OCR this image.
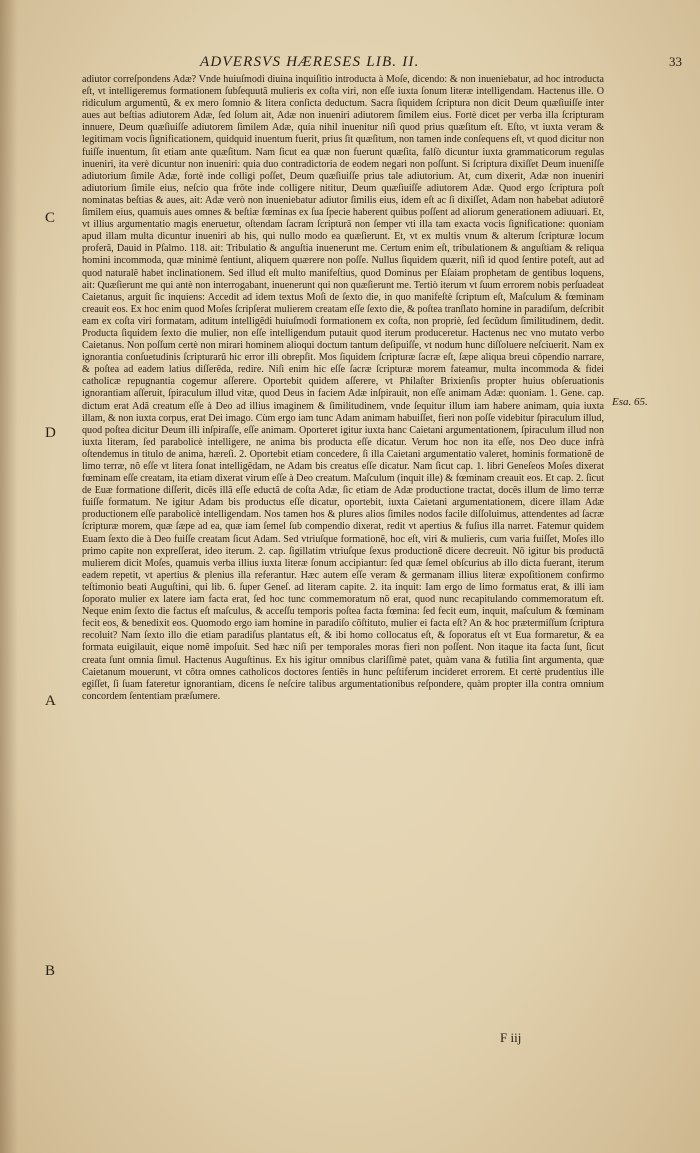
ADVERSVS HÆRESES LIB. II.	33

adiutor correſpondens Adæ? Vnde huiuſmodi diuina inquiſitio introducta à Moſe, dicendo: & non inueniebatur, ad hoc introducta eſt, vt intelligeremus formationem ſubſequutã mulieris ex coſta viri, non eſſe iuxta ſonum literæ intelligendam. Hactenus ille. O ridiculum argumentũ, & ex mero ſomnio & litera conſicta deductum. Sacra ſiquidem ſcriptura non dicit Deum quæſiuiſſe inter aues aut beſtias adiutorem Adæ, ſed ſolum ait, Adæ non inueniri adiutorem ſimilem eius. Fortè dicet per verba illa ſcripturam innuere, Deum quæſiuiſſe adiutorem ſimilem Adæ, quia nihil inuenitur niſi quod prius quæſitum eſt. Eſto, vt iuxta veram & legitimam vocis ſignificationem, quidquid inuentum fuerit, prius ſit quæſitum, non tamen inde conſequens eſt, vt quod dicitur non fuiſſe inuentum, ſit etiam ante quæſitum. Nam ſicut ea quæ non fuerunt quæſita, falſò dicuntur iuxta grammaticorum regulas inueniri, ita verè dicuntur non inueniri: quia duo contradictoria de eodem negari non poſſunt. Si ſcriptura dixiſſet Deum inueniſſe adiutorium ſimile Adæ, fortè inde colligi poſſet, Deum quæſiuiſſe prius tale adiutorium. At, cum dixerit, Adæ non inueniri adiutorium ſimile eius, neſcio qua frõte inde colligere nititur, Deum quæſiuiſſe adiutorem Adæ. Quod ergo ſcriptura poſt nominatas beſtias & aues, ait: Adæ verò non inueniebatur adiutor ſimilis eius, idem eſt ac ſi dixiſſet, Adam non habebat adiutorẽ ſimilem eius, quamuis aues omnes & beſtiæ fœminas ex ſua ſpecie haberent quibus poſſent ad aliorum generationem adiuuari. Et, vt illius argumentatio magis eneruetur, oſtendam ſacram ſcripturã non ſemper vti illa tam exacta vocis ſignificatione: quoniam apud illam multa dicuntur inueniri ab his, qui nullo modo ea quæſierunt. Et, vt ex multis vnum & alterum ſcripturæ locum proferã, Dauid in Pſalmo. 118. ait: Tribulatio & anguſtia inuenerunt me. Certum enim eſt, tribulationem & anguſtiam & reliqua homini incommoda, quæ minimè ſentiunt, aliquem quærere non poſſe. Nullus ſiquidem quærit, niſi id quod ſentire poteſt, aut ad quod naturalẽ habet inclinationem. Sed illud eſt multo manifeſtius, quod Dominus per Eſaiam prophetam de gentibus loquens, ait: Quæſierunt me qui antè non interrogabant, inuenerunt qui non quæſierunt me. Tertiò iterum vt ſuum errorem nobis perſuadeat Caietanus, arguit ſic inquiens: Accedit ad idem textus Moſi de ſexto die, in quo manifeſtè ſcriptum eſt, Maſculum & fœminam creauit eos. Ex hoc enim quod Moſes ſcripſerat mulierem creatam eſſe ſexto die, & poſtea tranſlato homine in paradiſum, deſcribit eam ex coſta viri formatam, aditum intelligẽdi huiuſmodi formationem ex coſta, non propriè, ſed ſecũdum ſimilitudinem, dedit. Producta ſiquidem ſexto die mulier, non eſſe intelligendum putauit quod iterum produceretur. Hactenus nec vno mutato verbo Caietanus. Non poſſum certè non mirari hominem alioqui doctum tantum deſipuiſſe, vt nodum hunc diſſoluere neſciuerit. Nam ex ignorantia conſuetudinis ſcripturarũ hic error illi obrepſit. Mos ſiquidem ſcripturæ ſacræ eſt, ſæpe aliqua breui cõpendio narrare, & poſtea ad eadem latius diſſerẽda, redire. Niſi enim hic eſſe ſacræ ſcripturæ morem fateamur, multa incommoda & fidei catholicæ repugnantia cogemur aſſerere. Oportebit quidem aſſerere, vt Philaſter Brixienſis propter huius obſeruationis ignorantiam aſſeruit, ſpiraculum illud vitæ, quod Deus in faciem Adæ inſpirauit, non eſſe animam Adæ: quoniam. 1. Gene. cap. dictum erat Adã creatum eſſe à Deo ad illius imaginem & ſimilitudinem, vnde ſequitur illum iam habere animam, quia iuxta illam, & non iuxta corpus, erat Dei imago. Cùm ergo iam tunc Adam animam habuiſſet, fieri non poſſe videbitur ſpiraculum illud, quod poſtea dicitur Deum illi inſpiraſſe, eſſe animam. Oporteret igitur iuxta hanc Caietani argumentationem, ſpiraculum illud non iuxta literam, ſed parabolicè intelligere, ne anima bis producta eſſe dicatur. Verum hoc non ita eſſe, nos Deo duce infrà oſtendemus in titulo de anima, hæreſi. 2. Oportebit etiam concedere, ſi illa Caietani argumentatio valeret, hominis formationẽ de limo terræ, nõ eſſe vt litera ſonat intelligẽdam, ne Adam bis creatus eſſe dicatur. Nam ſicut cap. 1. libri Geneſeos Moſes dixerat fœminam eſſe creatam, ita etiam dixerat virum eſſe à Deo creatum. Maſculum (inquit ille) & fœminam creauit eos. Et cap. 2. ſicut de Euæ formatione diſſerit, dicẽs illã eſſe eductã de coſta Adæ, ſic etiam de Adæ productione tractat, docẽs illum de limo terræ fuiſſe formatum. Ne igitur Adam bis productus eſſe dicatur, oportebit, iuxta Caietani argumentationem, dicere illam Adæ productionem eſſe parabolicè intelligendam. Nos tamen hos & plures alios ſimiles nodos facile diſſoluimus, attendentes ad ſacræ ſcripturæ morem, quæ ſæpe ad ea, quæ iam ſemel ſub compendio dixerat, redit vt apertius & fuſius illa narret. Fatemur quidem Euam ſexto die à Deo fuiſſe creatam ſicut Adam. Sed vtriuſque formationẽ, hoc eſt, viri & mulieris, cum varia fuiſſet, Moſes illo primo capite non expreſſerat, ideo iterum. 2. cap. ſigillatim vtriuſque ſexus productionẽ dicere decreuit. Nõ igitur bis productã mulierem dicit Moſes, quamuis verba illius iuxta literæ ſonum accipiantur: ſed quæ ſemel obſcurius ab illo dicta fuerant, iterum eadem repetit, vt apertius & plenius illa referantur. Hæc autem eſſe veram & germanam illius literæ expoſitionem confirmo teſtimonio beati Auguſtini, qui lib. 6. ſuper Geneſ. ad literam capite. 2. ita inquit: Iam ergo de limo formatus erat, & illi iam ſoporato mulier ex latere iam facta erat, ſed hoc tunc commemoratum nõ erat, quod nunc recapitulando commemoratum eſt. Neque enim ſexto die factus eſt maſculus, & acceſſu temporis poſtea facta fœmina: ſed fecit eum, inquit, maſculum & fœminam fecit eos, & benedixit eos. Quomodo ergo iam homine in paradiſo cõſtituto, mulier ei facta eſt? An & hoc prætermiſſum ſcriptura recoluit? Nam ſexto illo die etiam paradiſus plantatus eſt, & ibi homo collocatus eſt, & ſoporatus eſt vt Eua formaretur, & ea formata euigilauit, eique nomẽ impoſuit. Sed hæc niſi per temporales moras fieri non poſſent. Non itaque ita facta ſunt, ſicut creata ſunt omnia ſimul. Hactenus Auguſtinus. Ex his igitur omnibus clariſſimè patet, quàm vana & futilia ſint argumenta, quæ Caietanum mouerunt, vt cõtra omnes catholicos doctores ſentiẽs in hunc peſtiferum incideret errorem. Et certè prudentius ille egiſſet, ſi ſuam fateretur ignorantiam, dicens ſe neſcire talibus argumentationibus reſpondere, quàm propter illa contra omnium concordem ſententiam præſumere.

C
D
A
B
Esa. 65.
F iij
